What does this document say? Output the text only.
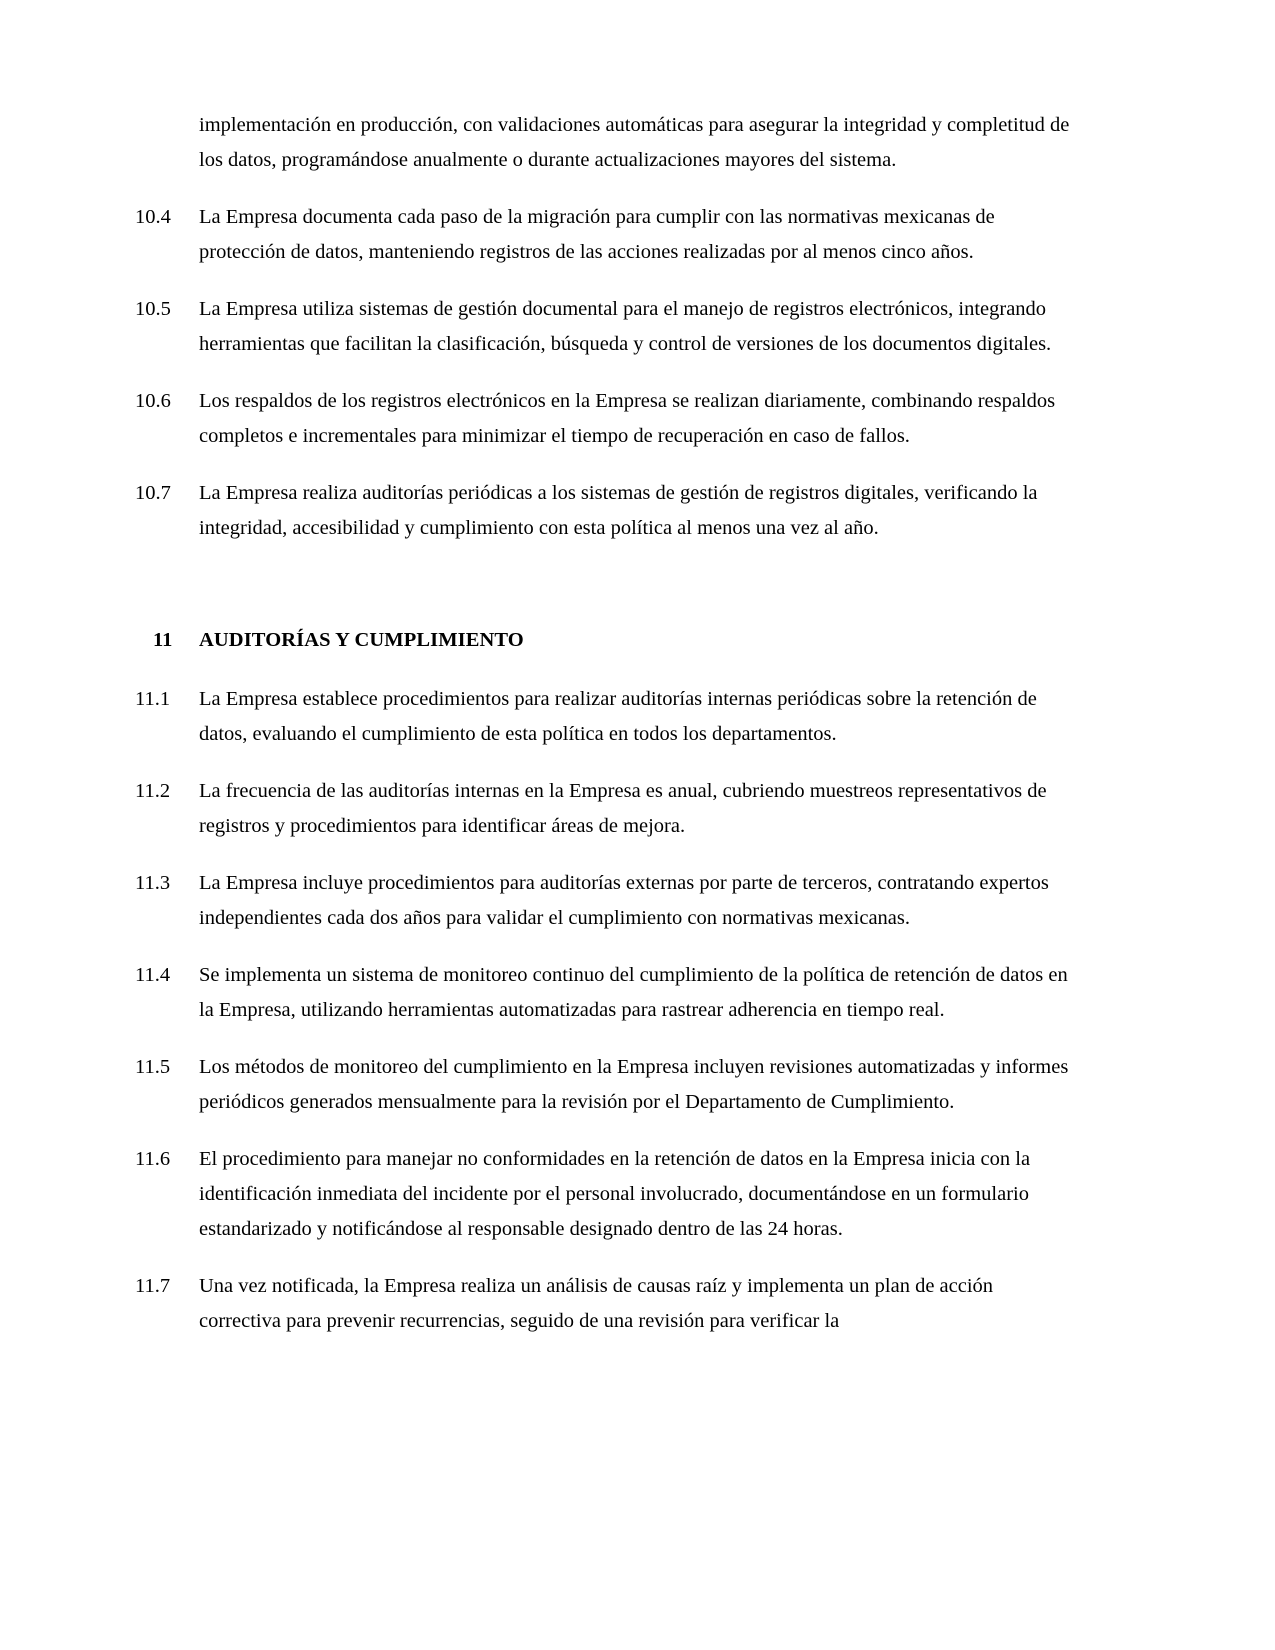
implementación en producción, con validaciones automáticas para asegurar la integridad y completitud de los datos, programándose anualmente o durante actualizaciones mayores del sistema.
10.4	La Empresa documenta cada paso de la migración para cumplir con las normativas mexicanas de protección de datos, manteniendo registros de las acciones realizadas por al menos cinco años.
10.5	La Empresa utiliza sistemas de gestión documental para el manejo de registros electrónicos, integrando herramientas que facilitan la clasificación, búsqueda y control de versiones de los documentos digitales.
10.6	Los respaldos de los registros electrónicos en la Empresa se realizan diariamente, combinando respaldos completos e incrementales para minimizar el tiempo de recuperación en caso de fallos.
10.7	La Empresa realiza auditorías periódicas a los sistemas de gestión de registros digitales, verificando la integridad, accesibilidad y cumplimiento con esta política al menos una vez al año.
11	AUDITORÍAS Y CUMPLIMIENTO
11.1	La Empresa establece procedimientos para realizar auditorías internas periódicas sobre la retención de datos, evaluando el cumplimiento de esta política en todos los departamentos.
11.2	La frecuencia de las auditorías internas en la Empresa es anual, cubriendo muestreos representativos de registros y procedimientos para identificar áreas de mejora.
11.3	La Empresa incluye procedimientos para auditorías externas por parte de terceros, contratando expertos independientes cada dos años para validar el cumplimiento con normativas mexicanas.
11.4	Se implementa un sistema de monitoreo continuo del cumplimiento de la política de retención de datos en la Empresa, utilizando herramientas automatizadas para rastrear adherencia en tiempo real.
11.5	Los métodos de monitoreo del cumplimiento en la Empresa incluyen revisiones automatizadas y informes periódicos generados mensualmente para la revisión por el Departamento de Cumplimiento.
11.6	El procedimiento para manejar no conformidades en la retención de datos en la Empresa inicia con la identificación inmediata del incidente por el personal involucrado, documentándose en un formulario estandarizado y notificándose al responsable designado dentro de las 24 horas.
11.7	Una vez notificada, la Empresa realiza un análisis de causas raíz y implementa un plan de acción correctiva para prevenir recurrencias, seguido de una revisión para verificar la
